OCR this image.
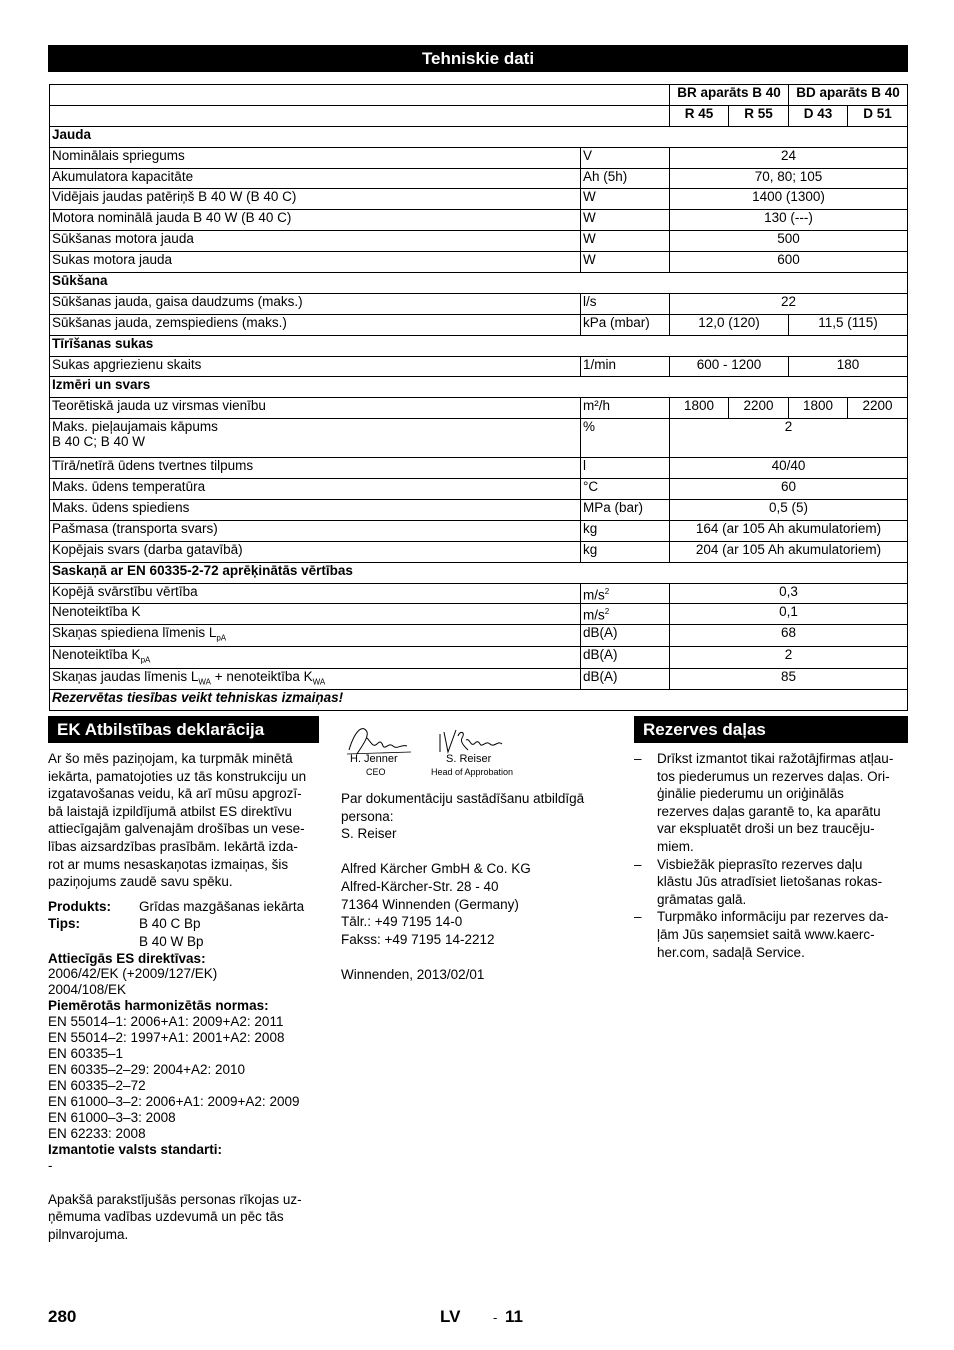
Tehniskie dati
		BR aparāts B 40		BD aparāts B 40	
		R 45	R 55	D 43	D 51
Jauda					
Nominālais spriegums	V	24			
Akumulatora kapacitāte	Ah (5h)	70, 80; 105			
Vidējais jaudas patēriņš B 40 W (B 40 C)	W	1400 (1300)			
Motora nominālā jauda B 40 W (B 40 C)	W	130 (---)			
Sūkšanas motora jauda	W	500			
Sukas motora jauda	W	600			
Sūkšana					
Sūkšanas jauda, gaisa daudzums (maks.)	l/s	22			
Sūkšanas jauda, zemspiediens (maks.)	kPa (mbar)	12,0 (120)		11,5 (115)	
Tīrīšanas sukas					
Sukas apgriezienu skaits	1/min	600 - 1200		180	
Izmēri un svars					
Teorētiskā jauda uz virsmas vienību	m²/h	1800	2200	1800	2200
Maks. pieļaujamais kāpums
B 40 C; B 40 W	%	2			
Tīrā/netīrā ūdens tvertnes tilpums	l	40/40			
Maks. ūdens temperatūra	°C	60			
Maks. ūdens spiediens	MPa (bar)	0,5 (5)			
Pašmasa (transporta svars)	kg	164 (ar 105 Ah akumulatoriem)			
Kopējais svars (darba gatavībā)	kg	204 (ar 105 Ah akumulatoriem)			
Saskaņā ar EN 60335-2-72 aprēķinātās vērtības					
Kopējā svārstību vērtība	$m/s^2$	0,3			
Nenoteiktība K	$m/s^2$	0,1			
Skaņas spiediena līmenis $L_{pA}$	dB(A)	68			
Nenoteiktība $K_{pA}$	dB(A)	2			
Skaņas jaudas līmenis $L_{WA}$ + nenoteiktība $K_{WA}$	dB(A)	85			
Rezervētas tiesības veikt tehniskas izmaiņas!					
EK Atbilstības deklarācija

Ar šo mēs paziņojam, ka turpmāk minētā

iekārta, pamatojoties uz tās konstrukciju un

izgatavošanas veidu, kā arī mūsu apgrozī-

bā laistajā izpildījumā atbilst ES direktīvu

attiecīgajām galvenajām drošības un vese-

lības aizsardzības prasībām. Iekārtā izda-

rot ar mums nesaskaņotas izmaiņas, šis

paziņojums zaudē savu spēku.

Produkts:	Grīdas mazgāšanas iekārta
Tips:	B 40 C Bp
B 40 W Bp

Attiecīgās ES direktīvas:

2006/42/EK (+2009/127/EK)

2004/108/EK

Piemērotās harmonizētās normas:

EN 55014–1: 2006+A1: 2009+A2: 2011

EN 55014–2: 1997+A1: 2001+A2: 2008

EN 60335–1

EN 60335–2–29: 2004+A2: 2010

EN 60335–2–72

EN 61000–3–2: 2006+A1: 2009+A2: 2009

EN 61000–3–3: 2008

EN 62233: 2008

Izmantotie valsts standarti:

-

Apakšā parakstījušās personas rīkojas uz-

ņēmuma vadības uzdevumā un pēc tās

pilnvarojuma.

H. Jenner
CEO
S. Reiser
Head of Approbation

Par dokumentāciju sastādīšanu atbildīgā

persona:

S. Reiser

Alfred Kärcher GmbH & Co. KG

Alfred-Kärcher-Str. 28 - 40

71364 Winnenden (Germany)

Tālr.: +49 7195 14-0

Fakss: +49 7195 14-2212

Winnenden, 2013/02/01

Rezerves daļas
– Drīkst izmantot tikai ražotājfirmas atļau-
tos piederumus un rezerves daļas. Ori-
ģinālie piederumu un oriģinālās
rezerves daļas garantē to, ka aparātu
var ekspluatēt droši un bez traucēju-
miem.
– Visbiežāk pieprasīto rezerves daļu
klāstu Jūs atradīsiet lietošanas rokas-
grāmatas galā.
– Turpmāko informāciju par rezerves da-
ļām Jūs saņemsiet saitā www.kaerc-
her.com, sadaļā Service.
280	LV	- 11
